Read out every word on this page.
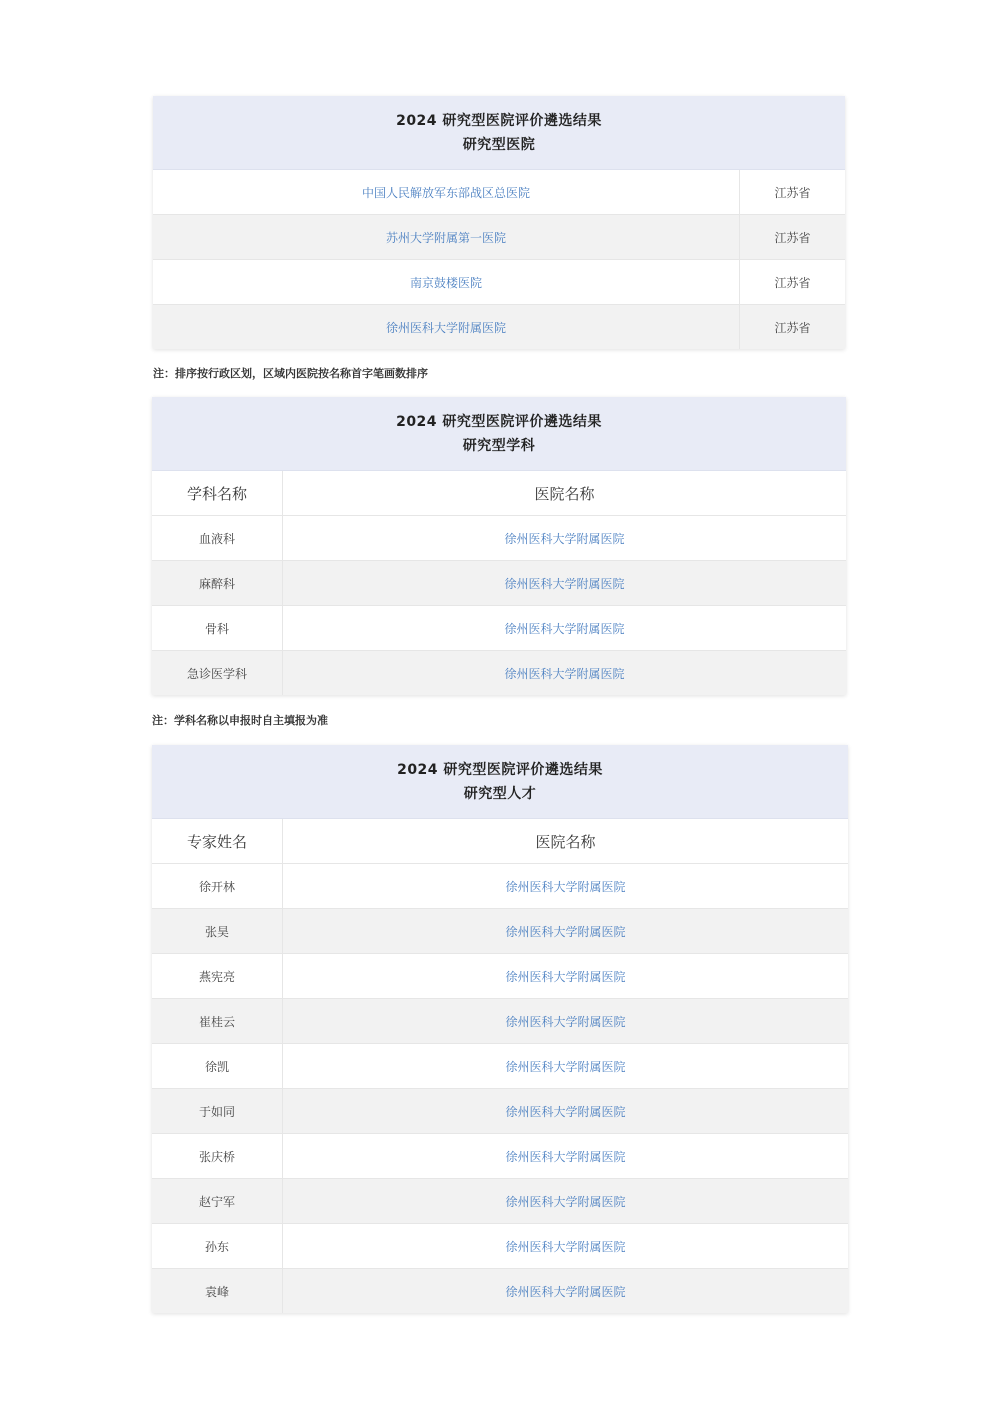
2024 研究型医院评价遴选结果
研究型医院
中国人民解放军东部战区总医院	江苏省
苏州大学附属第一医院	江苏省
南京鼓楼医院	江苏省
徐州医科大学附属医院	江苏省
注：排序按行政区划，区域内医院按名称首字笔画数排序
2024 研究型医院评价遴选结果
研究型学科
学科名称	医院名称
血液科	徐州医科大学附属医院
麻醉科	徐州医科大学附属医院
骨科	徐州医科大学附属医院
急诊医学科	徐州医科大学附属医院
注：学科名称以申报时自主填报为准
2024 研究型医院评价遴选结果
研究型人才
专家姓名	医院名称
徐开林	徐州医科大学附属医院
张昊	徐州医科大学附属医院
燕宪亮	徐州医科大学附属医院
崔桂云	徐州医科大学附属医院
徐凯	徐州医科大学附属医院
于如同	徐州医科大学附属医院
张庆桥	徐州医科大学附属医院
赵宁军	徐州医科大学附属医院
孙东	徐州医科大学附属医院
袁峰	徐州医科大学附属医院
